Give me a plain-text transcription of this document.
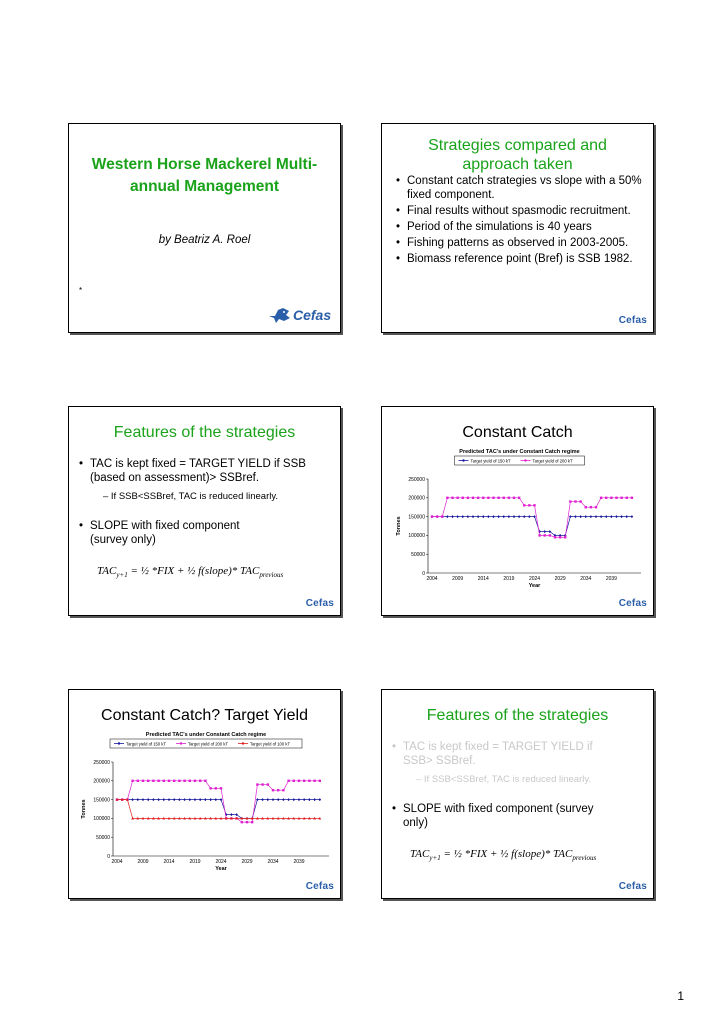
Western Horse Mackerel Multi-annual Management
by Beatriz A. Roel
*
Cefas
Strategies compared and approach taken
• Constant catch strategies vs slope with a 50% fixed component.
• Final results without spasmodic recruitment.
• Period of the simulations is 40 years
• Fishing patterns as observed in 2003-2005.
• Biomass reference point (Bref) is SSB 1982.
Cefas
Features of the strategies
• TAC is kept fixed = TARGET YIELD if SSB (based on assessment)> SSBref.
– If SSB<SSBref, TAC is reduced linearly.
• SLOPE with fixed component (survey only)
$TAC_{y+1}$ = ½ *FIX + ½ f(slope)* $TAC_{previous}$
Cefas
Constant Catch
Predicted TAC's under Constant Catch regime
Target yield of 150 kT	Target yield of 200 kT
0
50000
100000
150000
200000
250000
2004	2009	2014	2019	2024	2029	2034	2039
Year
Tonnes
Cefas
Constant Catch? Target Yield
Predicted TAC's under Constant Catch regime
Target yield of 150 kT	Target yield of 200 kT	Target yield of 100 kT
0
50000
100000
150000
200000
250000
2004	2009	2014	2019	2024	2029	2034	2039
Year
Tonnes
Cefas
Features of the strategies
• TAC is kept fixed = TARGET YIELD if SSB> SSBref.
– If SSB<SSBref, TAC is reduced linearly.
• SLOPE with fixed component (survey only)
$TAC_{y+1}$ = ½ *FIX + ½ f(slope)* $TAC_{previous}$
Cefas
1
